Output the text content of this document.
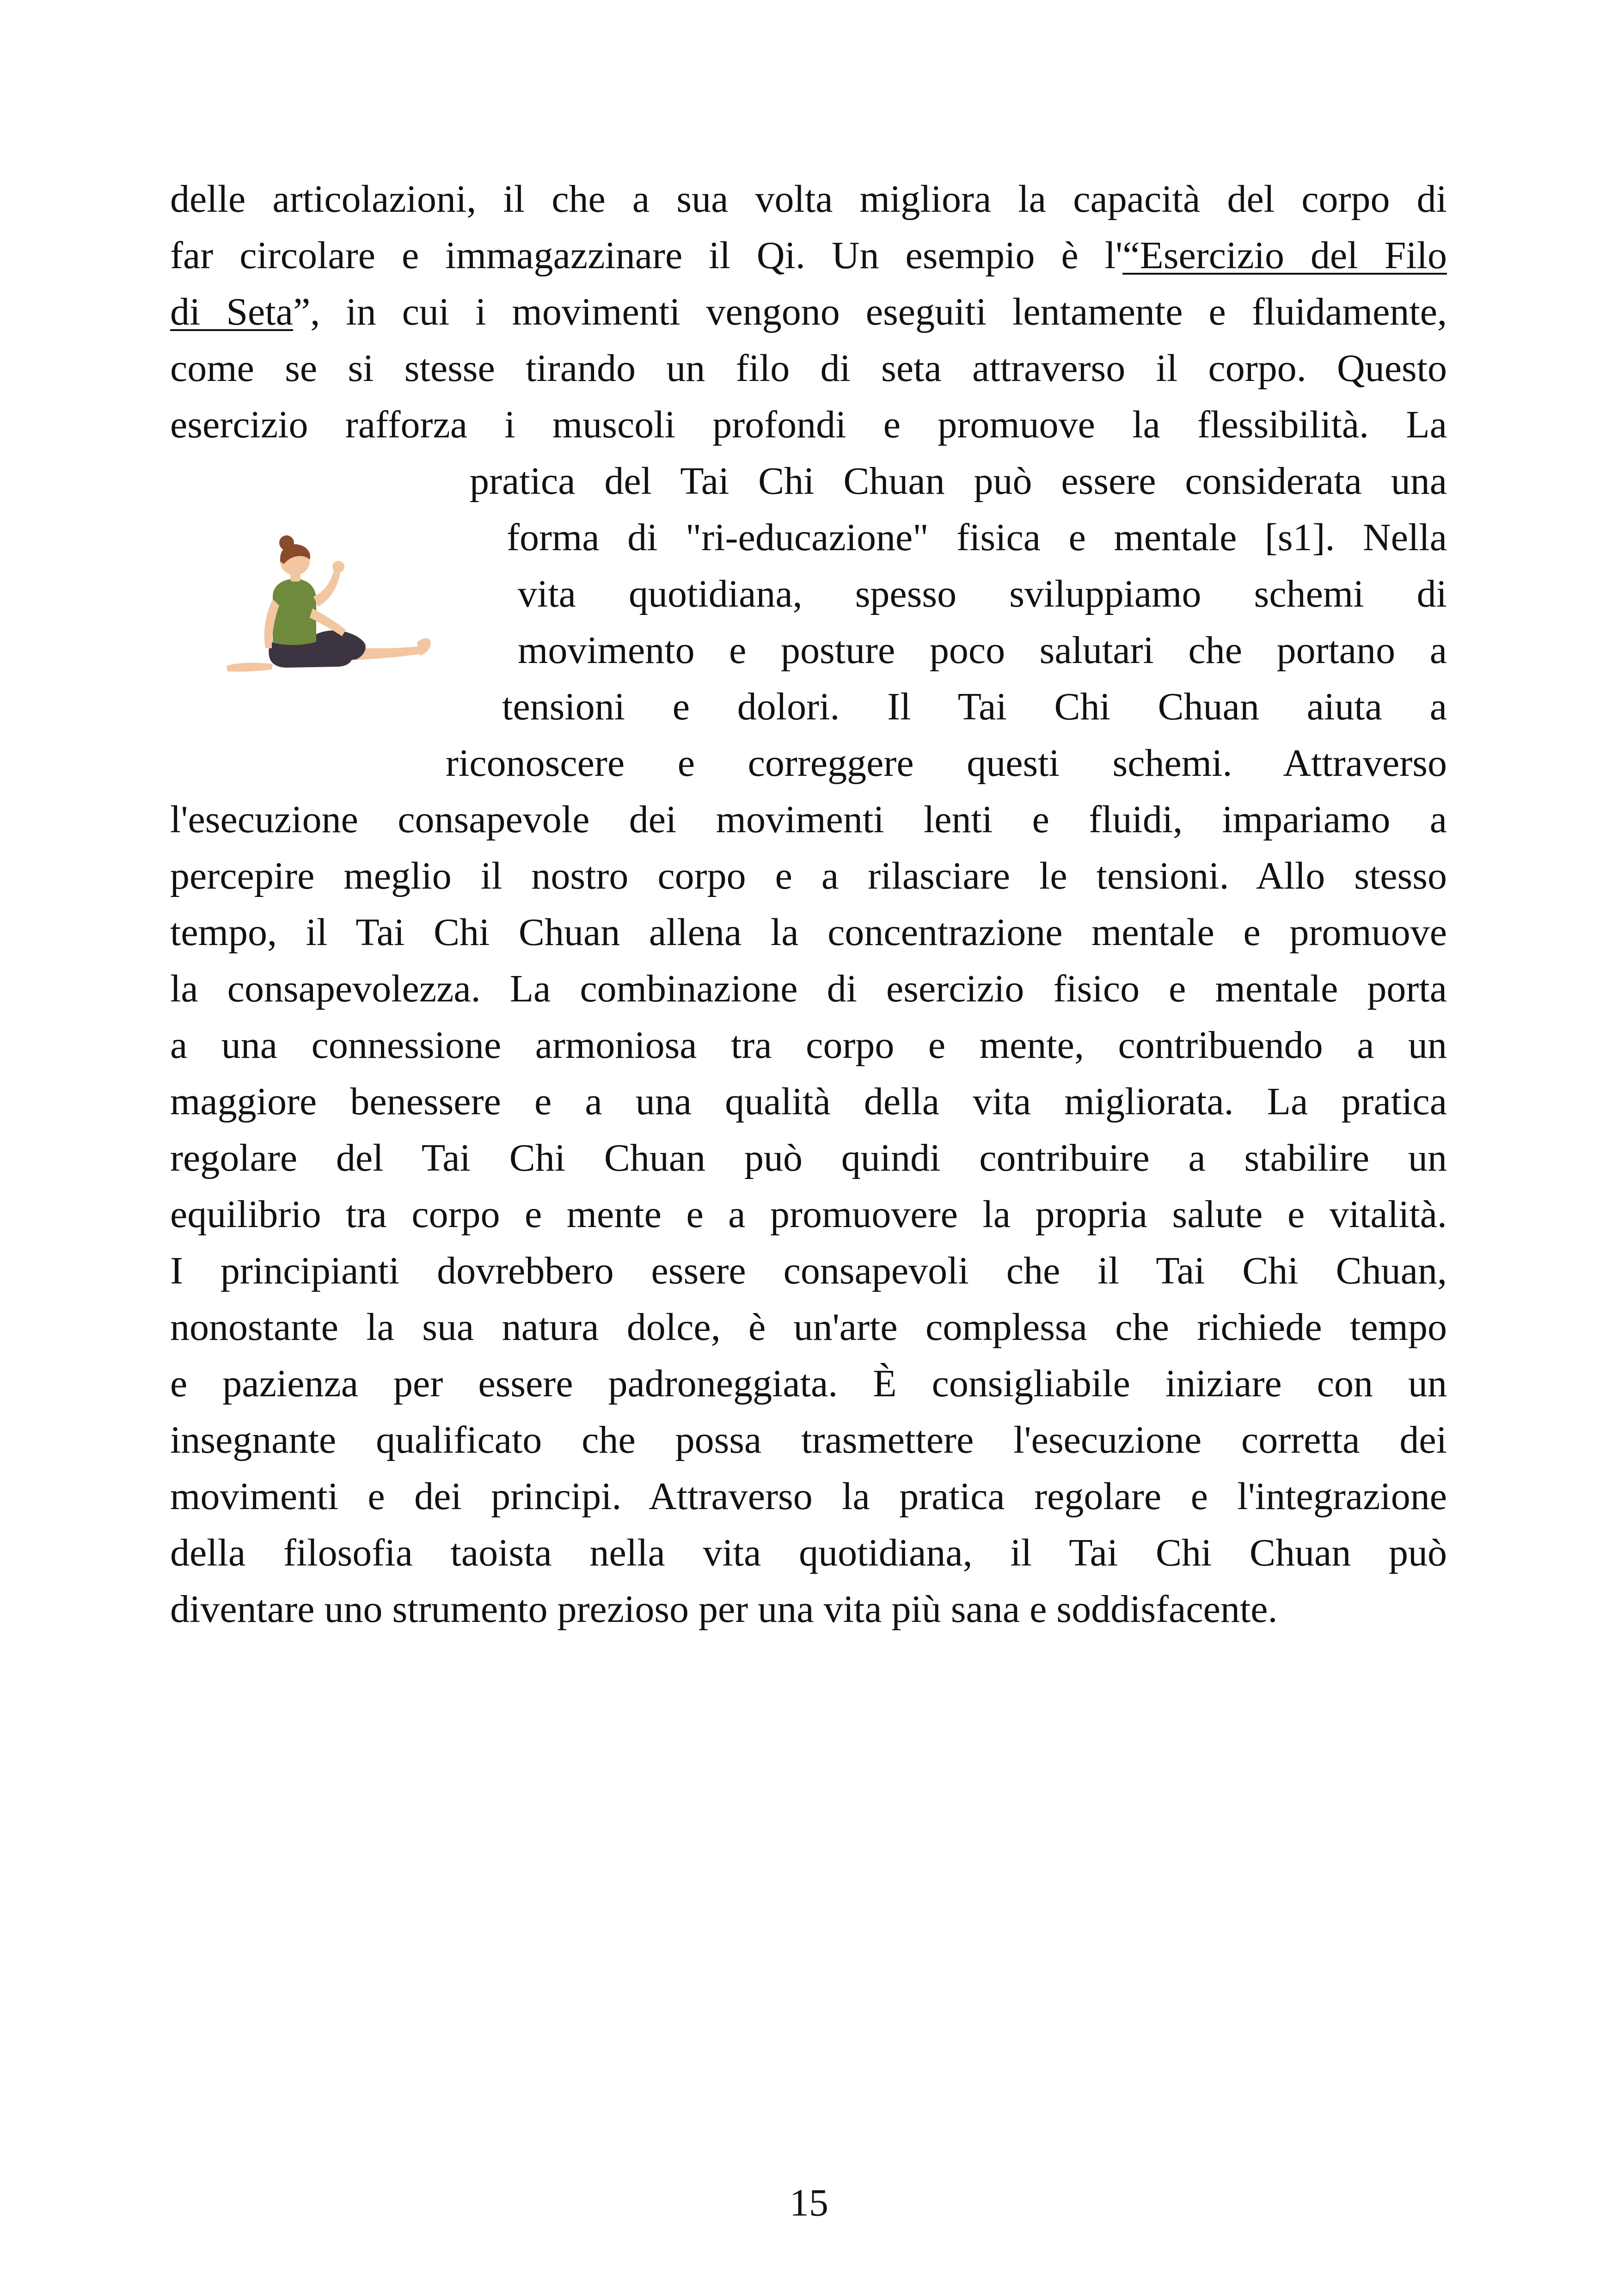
delle articolazioni, il che a sua volta migliora la capacità del corpo di
far circolare e immagazzinare il Qi. Un esempio è l'“Esercizio del Filo
di Seta”, in cui i movimenti vengono eseguiti lentamente e fluidamente,
come se si stesse tirando un filo di seta attraverso il corpo. Questo
esercizio rafforza i muscoli profondi e promuove la flessibilità. La
pratica del Tai Chi Chuan può essere considerata una
forma di "ri-educazione" fisica e mentale [s1]. Nella
vita quotidiana, spesso sviluppiamo schemi di
movimento e posture poco salutari che portano a
tensioni e dolori. Il Tai Chi Chuan aiuta a
riconoscere e correggere questi schemi. Attraverso
l'esecuzione consapevole dei movimenti lenti e fluidi, impariamo a
percepire meglio il nostro corpo e a rilasciare le tensioni. Allo stesso
tempo, il Tai Chi Chuan allena la concentrazione mentale e promuove
la consapevolezza. La combinazione di esercizio fisico e mentale porta
a una connessione armoniosa tra corpo e mente, contribuendo a un
maggiore benessere e a una qualità della vita migliorata. La pratica
regolare del Tai Chi Chuan può quindi contribuire a stabilire un
equilibrio tra corpo e mente e a promuovere la propria salute e vitalità.
I principianti dovrebbero essere consapevoli che il Tai Chi Chuan,
nonostante la sua natura dolce, è un'arte complessa che richiede tempo
e pazienza per essere padroneggiata. È consigliabile iniziare con un
insegnante qualificato che possa trasmettere l'esecuzione corretta dei
movimenti e dei principi. Attraverso la pratica regolare e l'integrazione
della filosofia taoista nella vita quotidiana, il Tai Chi Chuan può
diventare uno strumento prezioso per una vita più sana e soddisfacente.
15
